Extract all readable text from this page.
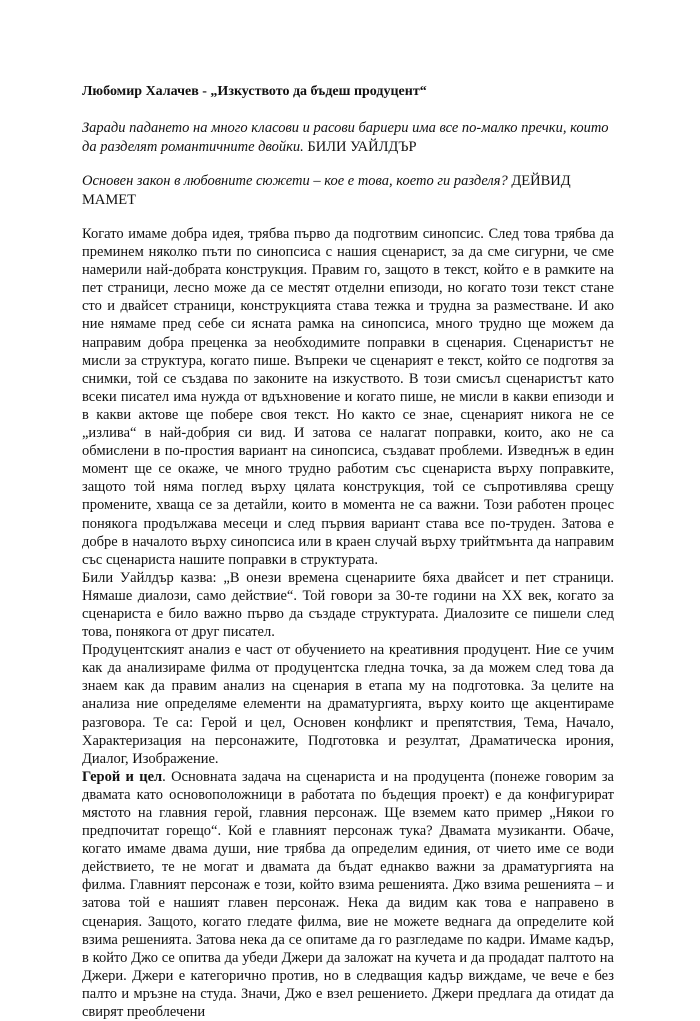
Любомир Халачев - „Изкуството да бъдеш продуцент“
Заради падането на много класови и расови бариери има все по-малко пречки, които да разделят романтичните двойки. БИЛИ УАЙЛДЪР
Основен закон в любовните сюжети – кое е това, което ги разделя? ДЕЙВИД МАМЕТ

Когато имаме добра идея, трябва първо да подготвим синопсис. След това трябва да преминем няколко пъти по синопсиса с нашия сценарист, за да сме сигурни, че сме намерили най-добрата конструкция. Правим го, защото в текст, който е в рамките на пет страници, лесно може да се местят отделни епизоди, но когато този текст стане сто и двайсет страници, конструкцията става тежка и трудна за разместване. И ако ние нямаме пред себе си ясната рамка на синопсиса, много трудно ще можем да направим добра преценка за необходимите поправки в сценария. Сценаристът не мисли за структура, когато пише. Въпреки че сценарият е текст, който се подготвя за снимки, той се създава по законите на изкуството. В този смисъл сценаристът като всеки писател има нужда от вдъхновение и когато пише, не мисли в какви епизоди и в какви актове ще побере своя текст. Но както се знае, сценарият никога не се „излива“ в най-добрия си вид. И затова се налагат поправки, които, ако не са обмислени в по-простия вариант на синопсиса, създават проблеми. Изведнъж в един момент ще се окаже, че много трудно работим със сценариста върху поправките, защото той няма поглед върху цялата конструкция, той се съпротивлява срещу промените, хваща се за детайли, които в момента не са важни. Този работен процес понякога продължава месеци и след първия вариант става все по-труден. Затова е добре в началото върху синопсиса или в краен случай върху трийтмънта да направим със сценариста нашите поправки в структурата.

Били Уайлдър казва: „В онези времена сценариите бяха двайсет и пет страници. Нямаше диалози, само действие“. Той говори за 30-те години на XX век, когато за сценариста е било важно първо да създаде структурата. Диалозите се пишели след това, понякога от друг писател.

Продуцентският анализ е част от обучението на креативния продуцент. Ние се учим как да анализираме филма от продуцентска гледна точка, за да можем след това да знаем как да правим анализ на сценария в етапа му на подготовка. За целите на анализа ние определяме елементи на драматургията, върху които ще акцентираме разговора. Те са: Герой и цел, Основен конфликт и препятствия, Тема, Начало, Характеризация на персонажите, Подготовка и резултат, Драматическа ирония, Диалог, Изображение.

Герой и цел. Основната задача на сценариста и на продуцента (понеже говорим за двамата като основоположници в работата по бъдещия проект) е да конфигурират мястото на главния герой, главния персонаж. Ще вземем като пример „Някои го предпочитат горещо“. Кой е главният персонаж тука? Двамата музиканти. Обаче, когато имаме двама души, ние трябва да определим единия, от чието име се води действието, те не могат и двамата да бъдат еднакво важни за драматургията на филма. Главният персонаж е този, който взима решенията. Джо взима решенията – и затова той е нашият главен персонаж. Нека да видим как това е направено в сценария. Защото, когато гледате филма, вие не можете веднага да определите кой взима решенията. Затова нека да се опитаме да го разгледаме по кадри. Имаме кадър, в който Джо се опитва да убеди Джери да заложат на кучета и да продадат палтото на Джери. Джери е категорично против, но в следващия кадър виждаме, че вече е без палто и мръзне на студа. Значи, Джо е взел решението. Джери предлага да отидат да свирят преоблечени
